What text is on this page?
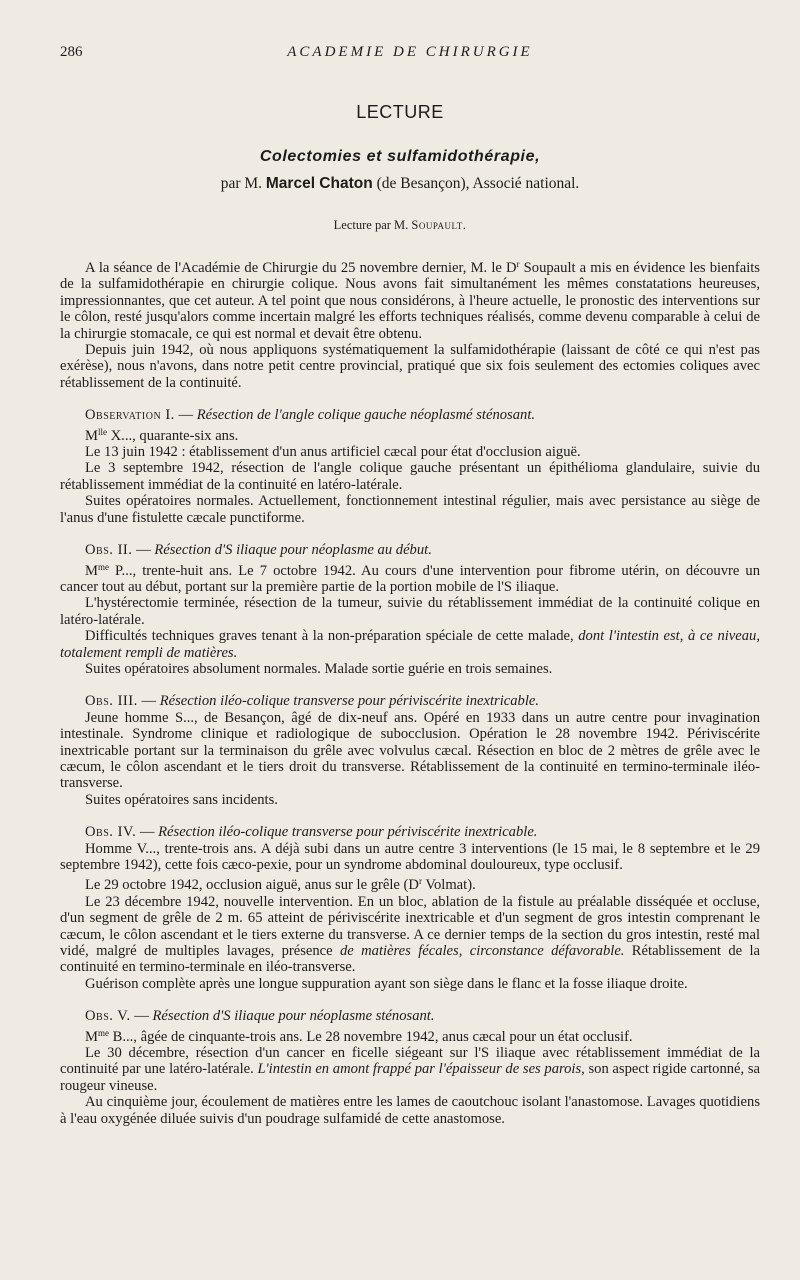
286	ACADEMIE DE CHIRURGIE
LECTURE
Colectomies et sulfamidothérapie,
par M. Marcel Chaton (de Besançon), Associé national.
Lecture par M. Soupault.

A la séance de l'Académie de Chirurgie du 25 novembre dernier, M. le $D^r$ Soupault a mis en évidence les bienfaits de la sulfamidothérapie en chirurgie colique. Nous avons fait simultanément les mêmes constatations heureuses, impressionnantes, que cet auteur. A tel point que nous considérons, à l'heure actuelle, le pronostic des interventions sur le côlon, resté jusqu'alors comme incertain malgré les efforts techniques réalisés, comme devenu comparable à celui de la chirurgie stomacale, ce qui est normal et devait être obtenu.

Depuis juin 1942, où nous appliquons systématiquement la sulfamidothérapie (laissant de côté ce qui n'est pas exérèse), nous n'avons, dans notre petit centre provincial, pratiqué que six fois seulement des ectomies coliques avec rétablissement de la continuité.

Observation I. — Résection de l'angle colique gauche néoplasmé sténosant.

$M^{lle}$ X..., quarante-six ans.

Le 13 juin 1942 : établissement d'un anus artificiel cæcal pour état d'occlusion aiguë.

Le 3 septembre 1942, résection de l'angle colique gauche présentant un épithélioma glandulaire, suivie du rétablissement immédiat de la continuité en latéro-latérale.

Suites opératoires normales. Actuellement, fonctionnement intestinal régulier, mais avec persistance au siège de l'anus d'une fistulette cæcale punctiforme.

Obs. II. — Résection d'S iliaque pour néoplasme au début.

$M^{me}$ P..., trente-huit ans. Le 7 octobre 1942. Au cours d'une intervention pour fibrome utérin, on découvre un cancer tout au début, portant sur la première partie de la portion mobile de l'S iliaque.

L'hystérectomie terminée, résection de la tumeur, suivie du rétablissement immédiat de la continuité colique en latéro-latérale.

Difficultés techniques graves tenant à la non-préparation spéciale de cette malade, dont l'intestin est, à ce niveau, totalement rempli de matières.

Suites opératoires absolument normales. Malade sortie guérie en trois semaines.

Obs. III. — Résection iléo-colique transverse pour périviscérite inextricable.

Jeune homme S..., de Besançon, âgé de dix-neuf ans. Opéré en 1933 dans un autre centre pour invagination intestinale. Syndrome clinique et radiologique de subocclusion. Opération le 28 novembre 1942. Périviscérite inextricable portant sur la terminaison du grêle avec volvulus cæcal. Résection en bloc de 2 mètres de grêle avec le cæcum, le côlon ascendant et le tiers droit du transverse. Rétablissement de la continuité en termino-terminale iléo-transverse.

Suites opératoires sans incidents.

Obs. IV. — Résection iléo-colique transverse pour périviscérite inextricable.

Homme V..., trente-trois ans. A déjà subi dans un autre centre 3 interventions (le 15 mai, le 8 septembre et le 29 septembre 1942), cette fois cæco-pexie, pour un syndrome abdominal douloureux, type occlusif.

Le 29 octobre 1942, occlusion aiguë, anus sur le grêle ($D^r$ Volmat).

Le 23 décembre 1942, nouvelle intervention. En un bloc, ablation de la fistule au préalable disséquée et occluse, d'un segment de grêle de 2 m. 65 atteint de périviscérite inextricable et d'un segment de gros intestin comprenant le cæcum, le côlon ascendant et le tiers externe du transverse. A ce dernier temps de la section du gros intestin, resté mal vidé, malgré de multiples lavages, présence de matières fécales, circonstance défavorable. Rétablissement de la continuité en termino-terminale en iléo-transverse.

Guérison complète après une longue suppuration ayant son siège dans le flanc et la fosse iliaque droite.

Obs. V. — Résection d'S iliaque pour néoplasme sténosant.

$M^{me}$ B..., âgée de cinquante-trois ans. Le 28 novembre 1942, anus cæcal pour un état occlusif.

Le 30 décembre, résection d'un cancer en ficelle siégeant sur l'S iliaque avec rétablissement immédiat de la continuité par une latéro-latérale. L'intestin en amont frappé par l'épaisseur de ses parois, son aspect rigide cartonné, sa rougeur vineuse.

Au cinquième jour, écoulement de matières entre les lames de caoutchouc isolant l'anastomose. Lavages quotidiens à l'eau oxygénée diluée suivis d'un poudrage sulfamidé de cette anastomose.
